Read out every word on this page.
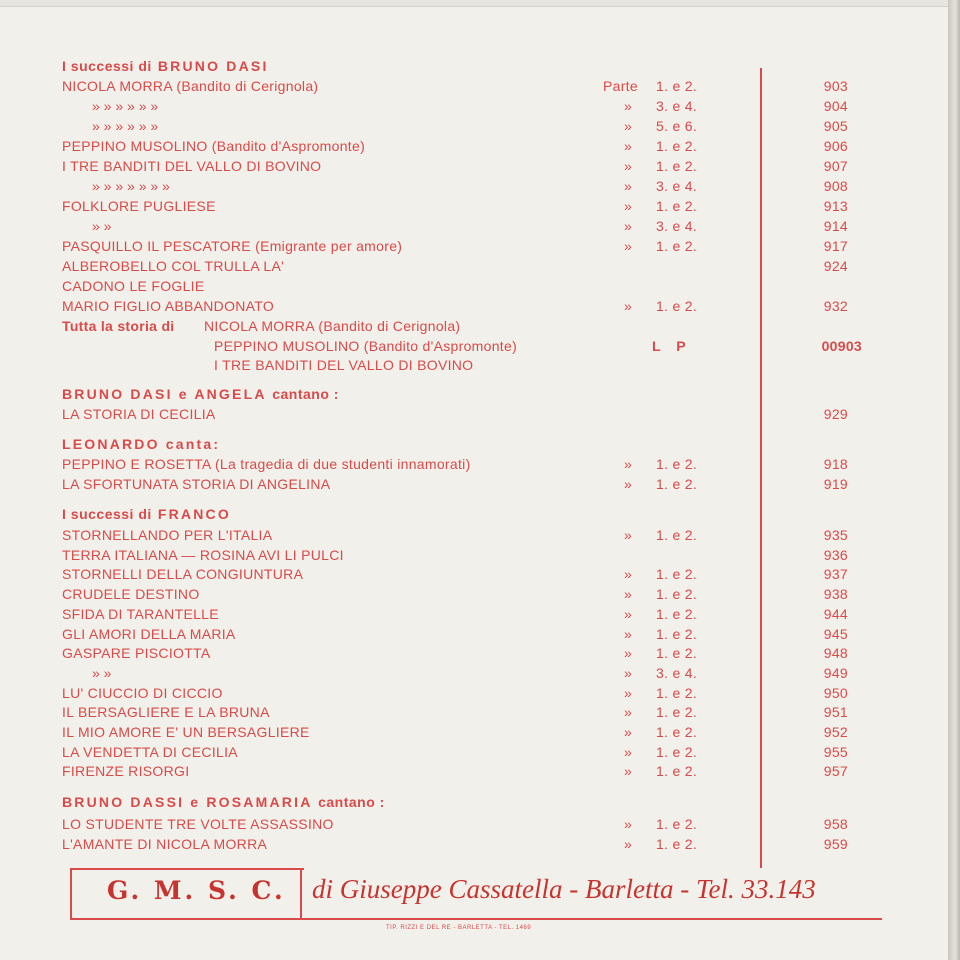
I successi di BRUNO DASI
NICOLA MORRA (Bandito di Cerignola)	Parte 1. e 2.	903
» » » » » »	» 3. e 4.	904
» » » » » »	» 5. e 6.	905
PEPPINO MUSOLINO (Bandito d'Aspromonte)	» 1. e 2.	906
I TRE BANDITI DEL VALLO DI BOVINO	» 1. e 2.	907
» » » » » » »	» 3. e 4.	908
FOLKLORE PUGLIESE	» 1. e 2.	913
» »	» 3. e 4.	914
PASQUILLO IL PESCATORE (Emigrante per amore)	» 1. e 2.	917
ALBEROBELLO COL TRULLA LA'	924
CADONO LE FOGLIE
MARIO FIGLIO ABBANDONATO	» 1. e 2.	932
Tutta la storia di NICOLA MORRA (Bandito di Cerignola)
PEPPINO MUSOLINO (Bandito d'Aspromonte)	L P	00903
I TRE BANDITI DEL VALLO DI BOVINO
BRUNO DASI e ANGELA cantano :
LA STORIA DI CECILIA	929
LEONARDO canta:
PEPPINO E ROSETTA (La tragedia di due studenti innamorati)	» 1. e 2.	918
LA SFORTUNATA STORIA DI ANGELINA	» 1. e 2.	919
I successi di FRANCO
STORNELLANDO PER L'ITALIA	» 1. e 2.	935
TERRA ITALIANA — ROSINA AVI LI PULCI	936
STORNELLI DELLA CONGIUNTURA	» 1. e 2.	937
CRUDELE DESTINO	» 1. e 2.	938
SFIDA DI TARANTELLE	» 1. e 2.	944
GLI AMORI DELLA MARIA	» 1. e 2.	945
GASPARE PISCIOTTA	» 1. e 2.	948
» »	» 3. e 4.	949
LU' CIUCCIO DI CICCIO	» 1. e 2.	950
IL BERSAGLIERE E LA BRUNA	» 1. e 2.	951
IL MIO AMORE E' UN BERSAGLIERE	» 1. e 2.	952
LA VENDETTA DI CECILIA	» 1. e 2.	955
FIRENZE RISORGI	» 1. e 2.	957
BRUNO DASSI e ROSAMARIA cantano :
LO STUDENTE TRE VOLTE ASSASSINO	» 1. e 2.	958
L'AMANTE DI NICOLA MORRA	» 1. e 2.	959
G. M. S. C. di Giuseppe Cassatella - Barletta - Tel. 33.143
TIP. RIZZI E DEL RE - BARLETTA - TEL. 1469
